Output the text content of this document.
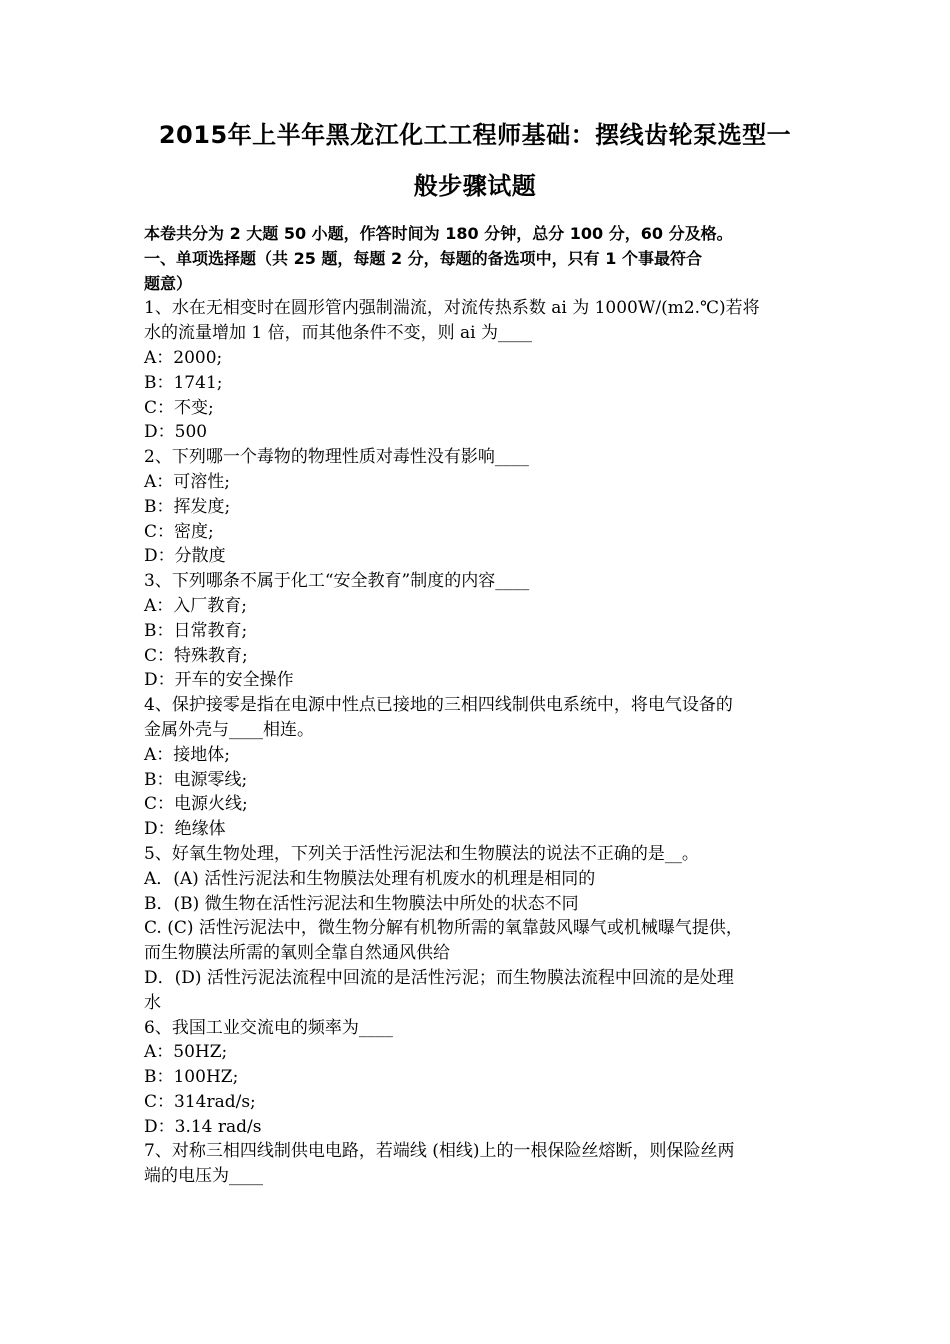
2015年上半年黑龙江化工工程师基础：摆线齿轮泵选型一
般步骤试题
本卷共分为 2 大题 50 小题，作答时间为 180 分钟，总分 100 分，60 分及格。
一、单项选择题（共 25 题，每题 2 分，每题的备选项中，只有 1 个事最符合
题意）
1、水在无相变时在圆形管内强制湍流，对流传热系数 ai 为 1000W/(m2.℃)若将
水的流量增加 1 倍，而其他条件不变，则 ai 为____
A：2000;
B：1741;
C：不变;
D：500
2、下列哪一个毒物的物理性质对毒性没有影响____
A：可溶性;
B：挥发度;
C：密度;
D：分散度
3、下列哪条不属于化工“安全教育”制度的内容____
A：入厂教育;
B：日常教育;
C：特殊教育;
D：开车的安全操作
4、保护接零是指在电源中性点已接地的三相四线制供电系统中，将电气设备的
金属外壳与____相连。
A：接地体;
B：电源零线;
C：电源火线;
D：绝缘体
5、好氧生物处理，下列关于活性污泥法和生物膜法的说法不正确的是__。
A．(A) 活性污泥法和生物膜法处理有机废水的机理是相同的
B．(B) 微生物在活性污泥法和生物膜法中所处的状态不同
C. (C) 活性污泥法中，微生物分解有机物所需的氧靠鼓风曝气或机械曝气提供，
而生物膜法所需的氧则全靠自然通风供给
D．(D) 活性污泥法流程中回流的是活性污泥；而生物膜法流程中回流的是处理
水
6、我国工业交流电的频率为____
A：50HZ;
B：100HZ;
C：314rad/s;
D：3.14 rad/s
7、对称三相四线制供电电路，若端线 (相线)上的一根保险丝熔断，则保险丝两
端的电压为____
